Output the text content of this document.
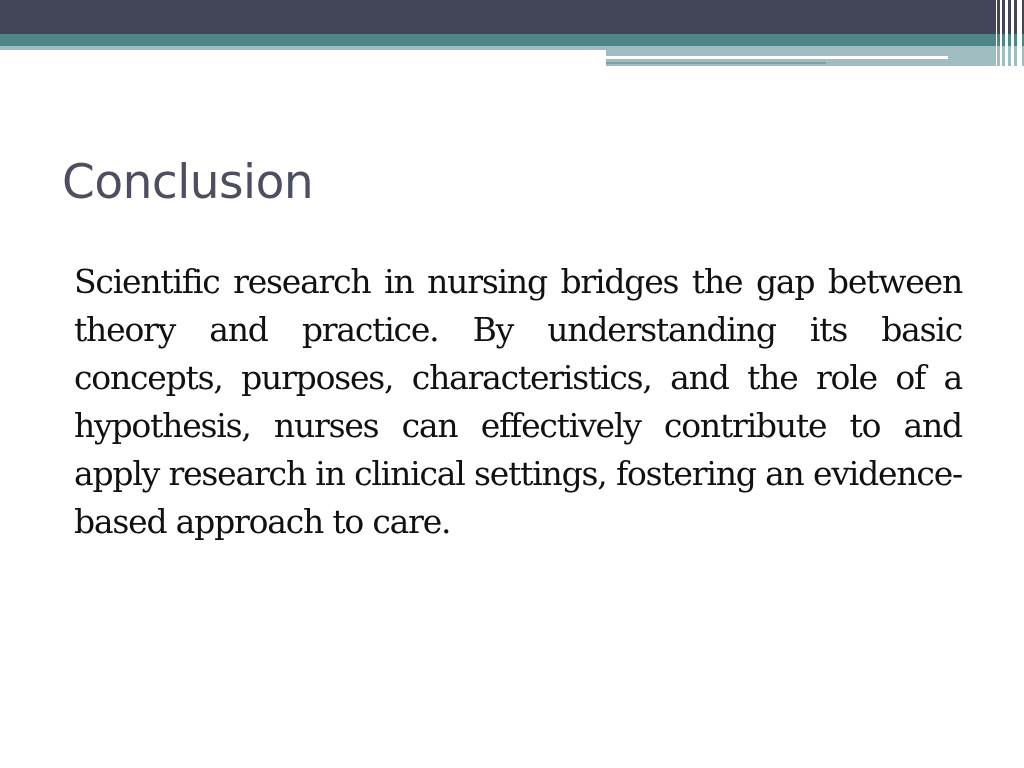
Conclusion

Scientific research in nursing bridges the gap between theory and practice. By understanding its basic concepts, purposes, characteristics, and the role of a hypothesis, nurses can effectively contribute to and apply research in clinical settings, fostering an evidence-based approach to care.
